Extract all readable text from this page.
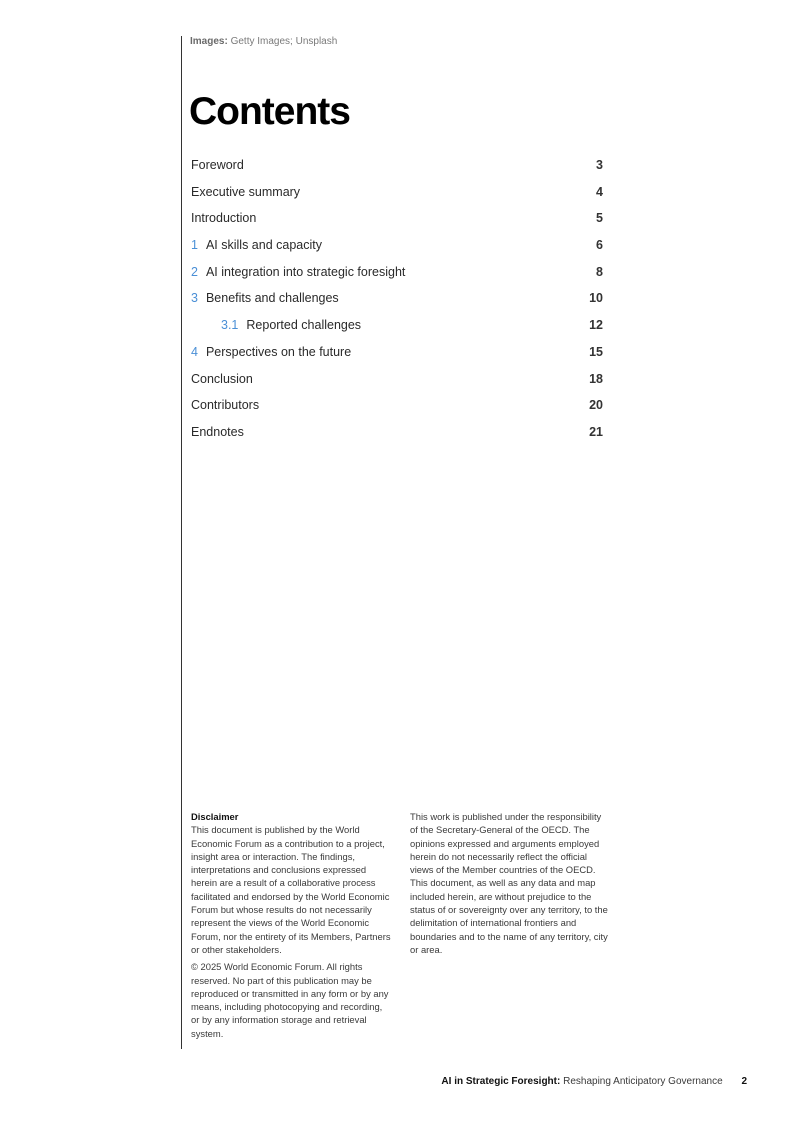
Images: Getty Images; Unsplash
Contents
Foreword	3
Executive summary	4
Introduction	5
1 AI skills and capacity	6
2 AI integration into strategic foresight	8
3 Benefits and challenges	10
3.1 Reported challenges	12
4 Perspectives on the future	15
Conclusion	18
Contributors	20
Endnotes	21

Disclaimer

This document is published by the World Economic Forum as a contribution to a project, insight area or interaction. The findings, interpretations and conclusions expressed herein are a result of a collaborative process facilitated and endorsed by the World Economic Forum but whose results do not necessarily represent the views of the World Economic Forum, nor the entirety of its Members, Partners or other stakeholders.

© 2025 World Economic Forum. All rights reserved. No part of this publication may be reproduced or transmitted in any form or by any means, including photocopying and recording, or by any information storage and retrieval system.

This work is published under the responsibility of the Secretary-General of the OECD. The opinions expressed and arguments employed herein do not necessarily reflect the official views of the Member countries of the OECD. This document, as well as any data and map included herein, are without prejudice to the status of or sovereignty over any territory, to the delimitation of international frontiers and boundaries and to the name of any territory, city or area.

AI in Strategic Foresight: Reshaping Anticipatory Governance 2
